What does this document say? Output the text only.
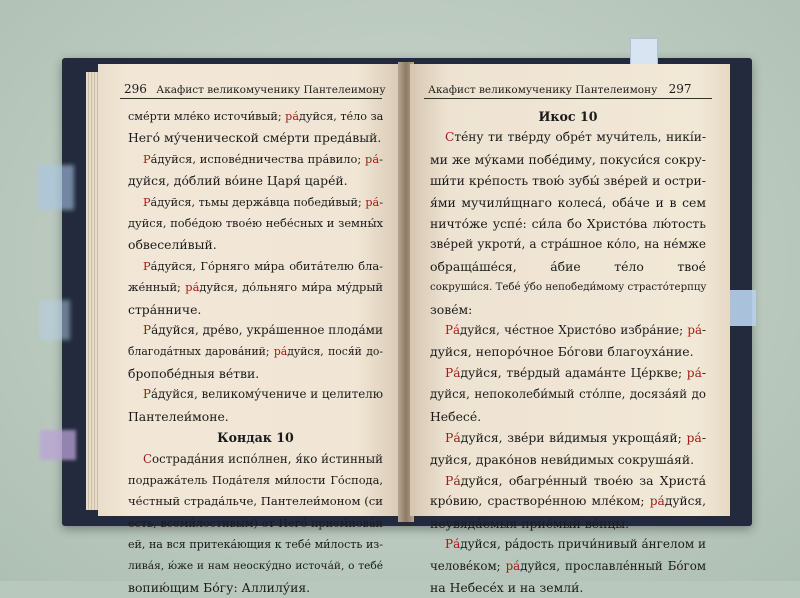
296 Акафист великомученику Пантелеимону
сме́рти мле́ко источи́вый; ра́дуйся, те́ло за
Него́ му́ченической сме́рти преда́вый.
Ра́дуйся, исповéдничества пра́вило; ра́-
дуйся, до́блий во́ине Царя́ царе́й.
Ра́дуйся, тьмы держа́вца победи́вый; ра́-
дуйся, побе́дою твое́ю небе́сных и земны́х
обвесели́вый.
Ра́дуйся, Го́рняго ми́ра обита́телю бла-
же́нный; ра́дуйся, до́льняго ми́ра му́дрый
стра́нниче.
Ра́дуйся, дре́во, укра́шенное плода́ми
благода́тных дарова́ний; ра́дуйся, пося́й до-
бропобе́дныя ве́тви.
Ра́дуйся, великому́чениче и целителю
Пантелеи́моне.
Кондак 10
Сострада́ния испо́лнен, я́ко и́стинный
подража́тель Пода́теля ми́лости Го́спода,
че́стный страда́льче, Пантелеи́моном (си
есть, всеми́лостивым) от Него́ прием́нова́н
ей, на вся притека́ющия к тебе́ ми́лость из-
лива́я, ю́же и нам неоску́дно источа́й, о тебе́
вопию́щим Бо́гу: Аллилу́ия.
Акафист великомученику Пантелеимону 297
Икос 10
Стéну ти твéрду обрéт мучи́тель, никíи-
ми же му́ками побéдиму, покуси́ся сокру-
ши́ти крéпость твою́ зубы́ звéрей и остри-
я́ми мучили́щнаго колеса́, обáче и в сем
ничто́же успé: си́ла бо Христо́ва лю́тость
звéрей укроти́, а стра́шное ко́ло, на нéмже
обраща́ше́ся, áбие тéло твоé
сокруши́ся. Тебé у́бо непобеди́мому страсто́терпцу
зовéм:
Ра́дуйся, че́стное Христо́во избра́ние; ра́-
дуйся, непоро́чное Бо́гови благоуха́ние.
Ра́дуйся, тве́рдый адама́нте Це́ркве; ра́-
дуйся, непоколеби́мый сто́лпе, досяза́яй до
Небесé.
Ра́дуйся, звéри ви́димыя укроща́яй; ра́-
дуйся, драко́нов неви́димых сокруша́яй.
Ра́дуйся, обагре́нный твое́ю за Христа́
кро́вию, срастворе́нною мле́ком; ра́дуйся,
неувяда́емыя прие́мый вéнцы.
Ра́дуйся, ра́дость причи́нивый а́нгелом и
человéком; ра́дуйся, прославле́нный Бо́гом
на Небесéх и на земли́.
